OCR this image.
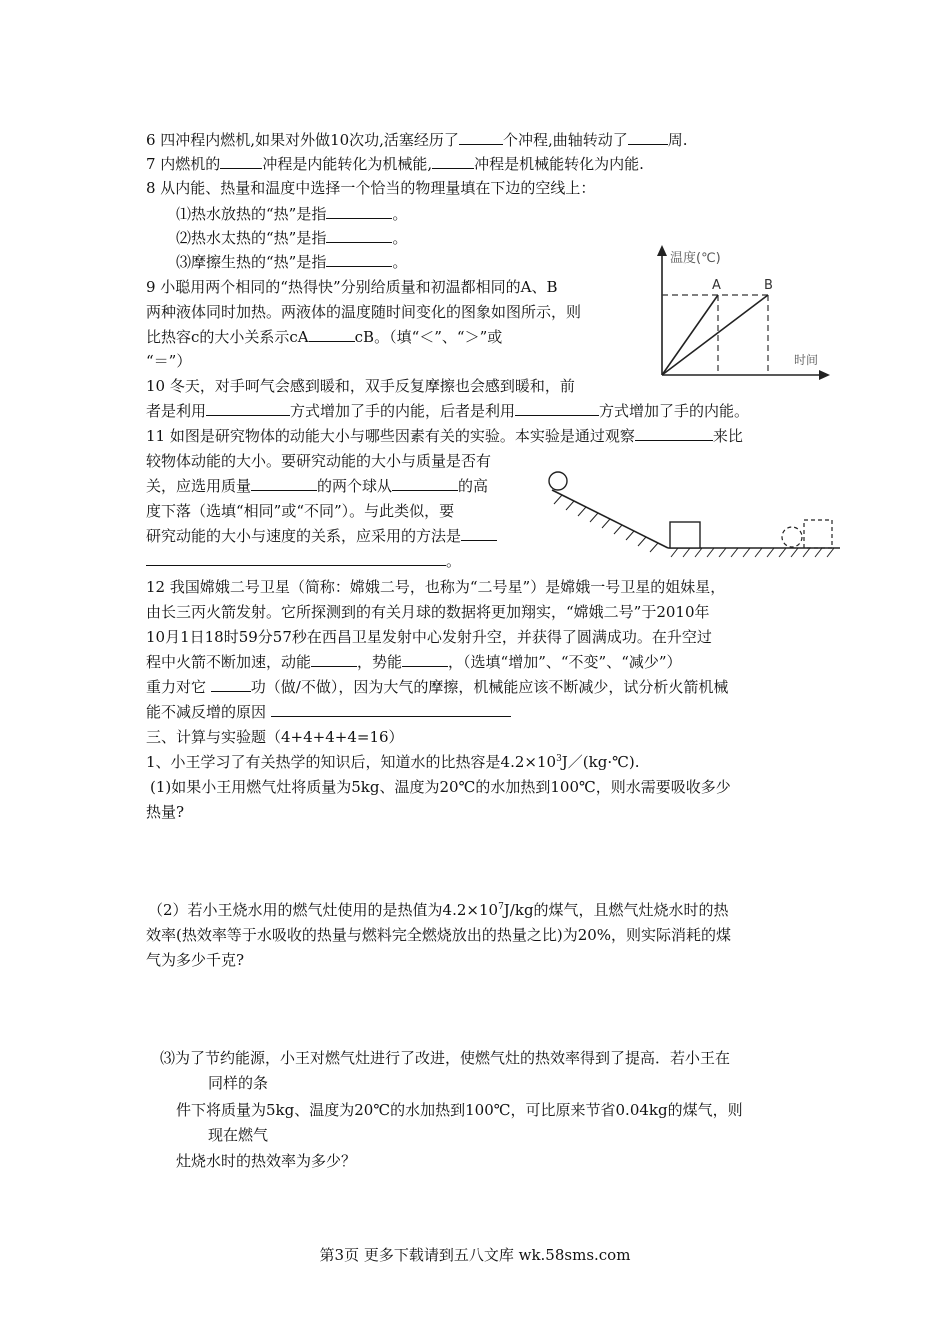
6 四冲程内燃机,如果对外做10次功,活塞经历了	个冲程,曲轴转动了	周.
7 内燃机的	冲程是内能转化为机械能,	冲程是机械能转化为内能.
8 从内能、热量和温度中选择一个恰当的物理量填在下边的空线上：
⑴热水放热的“热”是指	。
⑵热水太热的“热”是指	。
⑶摩擦生热的“热”是指	。
9 小聪用两个相同的“热得快”分别给质量和初温都相同的A、B
两种液体同时加热。两液体的温度随时间变化的图象如图所示，则
比热容c的大小关系示cA	cB。（填“＜”、“＞”或
“＝”）
温度(℃)
时间
A	B
10 冬天，对手呵气会感到暖和，双手反复摩擦也会感到暖和，前
者是利用	方式增加了手的内能，后者是利用	方式增加了手的内能。
11 如图是研究物体的动能大小与哪些因素有关的实验。本实验是通过观察	来比
较物体动能的大小。要研究动能的大小与质量是否有
关，应选用质量	的两个球从	的高
度下落（选填“相同”或“不同”）。与此类似，要
研究动能的大小与速度的关系，应采用的方法是
。
12 我国嫦娥二号卫星（简称：嫦娥二号，也称为“二号星”）是嫦娥一号卫星的姐妹星，
由长三丙火箭发射。它所探测到的有关月球的数据将更加翔实，“嫦娥二号”于2010年
10月1日18时59分57秒在西昌卫星发射中心发射升空，并获得了圆满成功。在升空过
程中火箭不断加速，动能	，势能	，（选填“增加”、“不变”、“减少”）
重力对它	功（做/不做），因为大气的摩擦，机械能应该不断减少，试分析火箭机械
能不减反增的原因
三、计算与实验题（4+4+4+4=16）
1、小王学习了有关热学的知识后，知道水的比热容是$4.2\times 10^3J/(kg\cdot℃)$.
(1)如果小王用燃气灶将质量为5kg、温度为20℃的水加热到100℃，则水需要吸收多少
热量?
（2）若小王烧水用的燃气灶使用的是热值为$4.2\times 10^7J/kg$的煤气，且燃气灶烧水时的热
效率(热效率等于水吸收的热量与燃料完全燃烧放出的热量之比)为20%，则实际消耗的煤
气为多少千克?
⑶为了节约能源，小王对燃气灶进行了改进，使燃气灶的热效率得到了提高．若小王在
同样的条
件下将质量为5kg、温度为20℃的水加热到100℃，可比原来节省0.04kg的煤气，则
现在燃气
灶烧水时的热效率为多少？
第3页 更多下载请到五八文库 wk.58sms.com
